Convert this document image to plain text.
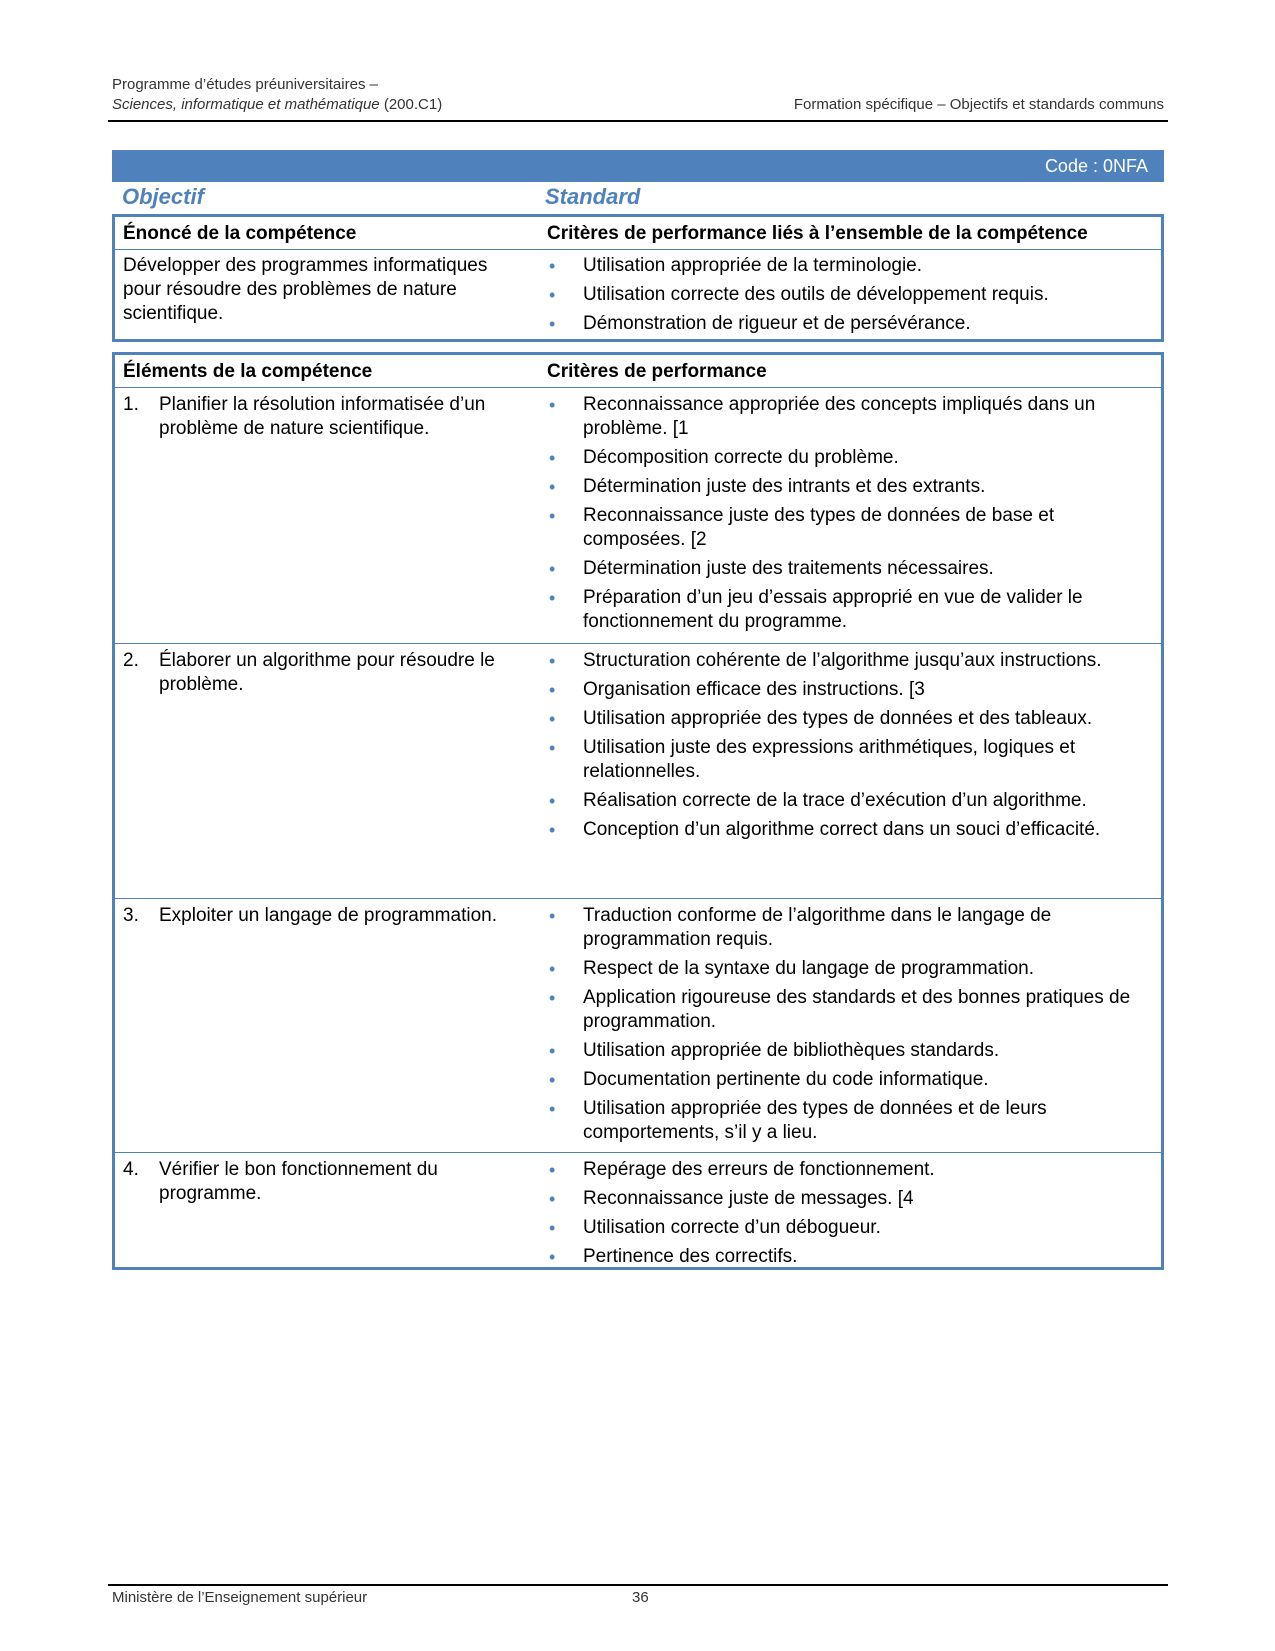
Programme d’études préuniversitaires –
Sciences, informatique et mathématique (200.C1)	Formation spécifique – Objectifs et standards communs
Code : 0NFA
Objectif	Standard
Énoncé de la compétence	Critères de performance liés à l’ensemble de la compétence
Développer des programmes informatiques pour résoudre des problèmes de nature scientifique.
• Utilisation appropriée de la terminologie.
• Utilisation correcte des outils de développement requis.
• Démonstration de rigueur et de persévérance.
Éléments de la compétence	Critères de performance
1. Planifier la résolution informatisée d’un problème de nature scientifique.
• Reconnaissance appropriée des concepts impliqués dans un problème. [1
• Décomposition correcte du problème.
• Détermination juste des intrants et des extrants.
• Reconnaissance juste des types de données de base et composées. [2
• Détermination juste des traitements nécessaires.
• Préparation d’un jeu d’essais approprié en vue de valider le fonctionnement du programme.
2. Élaborer un algorithme pour résoudre le problème.
• Structuration cohérente de l’algorithme jusqu’aux instructions.
• Organisation efficace des instructions. [3
• Utilisation appropriée des types de données et des tableaux.
• Utilisation juste des expressions arithmétiques, logiques et relationnelles.
• Réalisation correcte de la trace d’exécution d’un algorithme.
• Conception d’un algorithme correct dans un souci d’efficacité.
3. Exploiter un langage de programmation.
•	Traduction conforme de l’algorithme dans le langage de programmation requis.
• Respect de la syntaxe du langage de programmation.
• Application rigoureuse des standards et des bonnes pratiques de programmation.
• Utilisation appropriée de bibliothèques standards.
• Documentation pertinente du code informatique.
• Utilisation appropriée des types de données et de leurs comportements, s’il y a lieu.
4. Vérifier le bon fonctionnement du programme.
• Repérage des erreurs de fonctionnement.
• Reconnaissance juste de messages. [4
• Utilisation correcte d’un débogueur.
• Pertinence des correctifs.
Ministère de l’Enseignement supérieur	36
